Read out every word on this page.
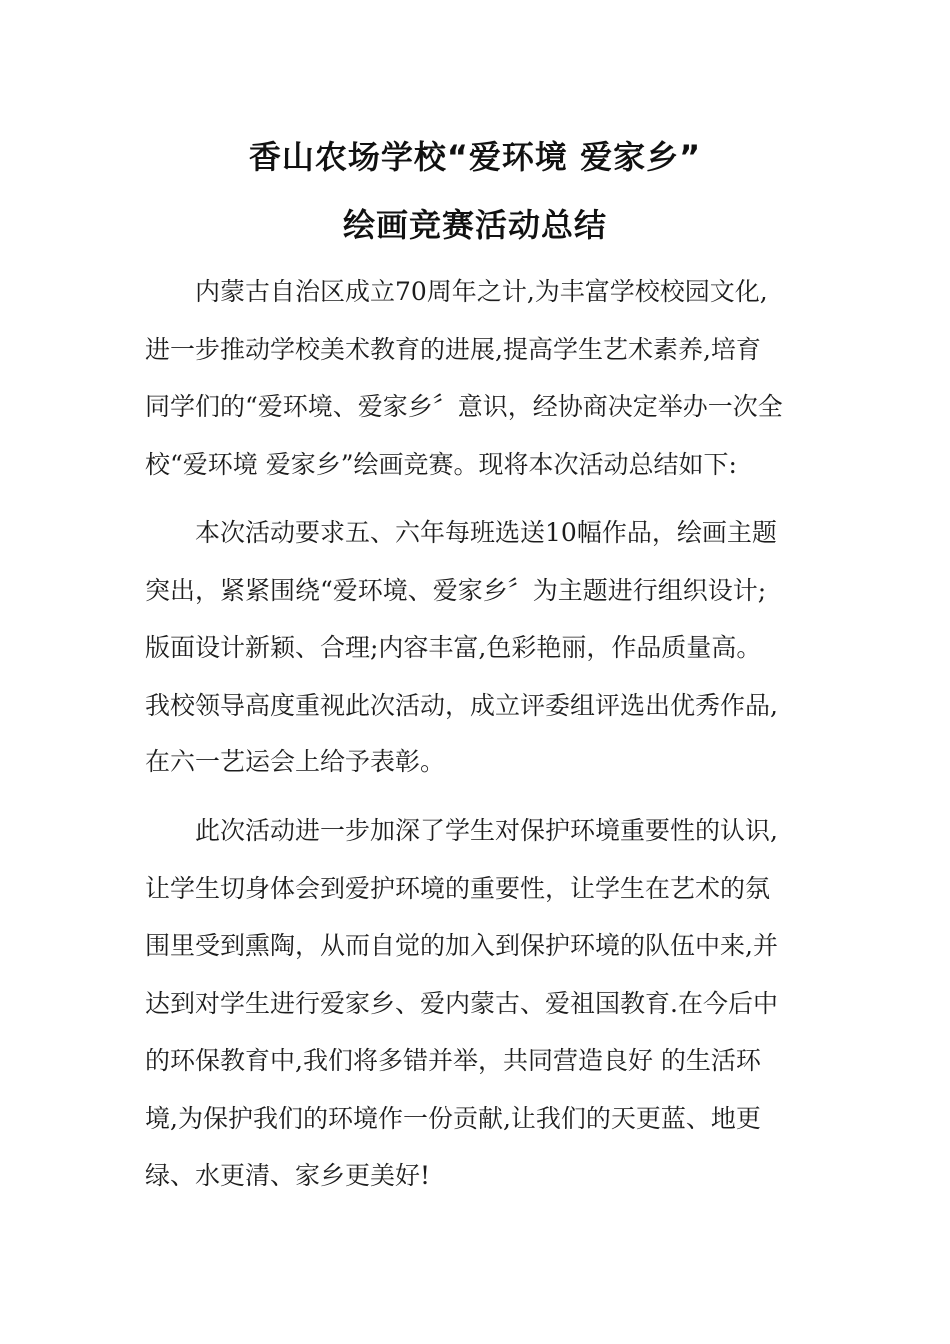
香山农场学校“爱环境 爱家乡”
绘画竞赛活动总结
内蒙古自治区成立70周年之计,为丰富学校校园文化,
进一步推动学校美术教育的进展,提高学生艺术素养,培育
同学们的“爱环境、爱家乡〞意识，经协商决定举办一次全
校“爱环境 爱家乡”绘画竞赛。现将本次活动总结如下:
本次活动要求五、六年每班选送10幅作品，绘画主题
突出，紧紧围绕“爱环境、爱家乡〞为主题进行组织设计;
版面设计新颖、合理;内容丰富,色彩艳丽，作品质量高。
我校领导高度重视此次活动，成立评委组评选出优秀作品,
在六一艺运会上给予表彰。
此次活动进一步加深了学生对保护环境重要性的认识,
让学生切身体会到爱护环境的重要性，让学生在艺术的氛
围里受到熏陶，从而自觉的加入到保护环境的队伍中来,并
达到对学生进行爱家乡、爱内蒙古、爱祖国教育.在今后中
的环保教育中,我们将多错并举，共同营造良好 的生活环
境,为保护我们的环境作一份贡献,让我们的天更蓝、地更
绿、水更清、家乡更美好!
